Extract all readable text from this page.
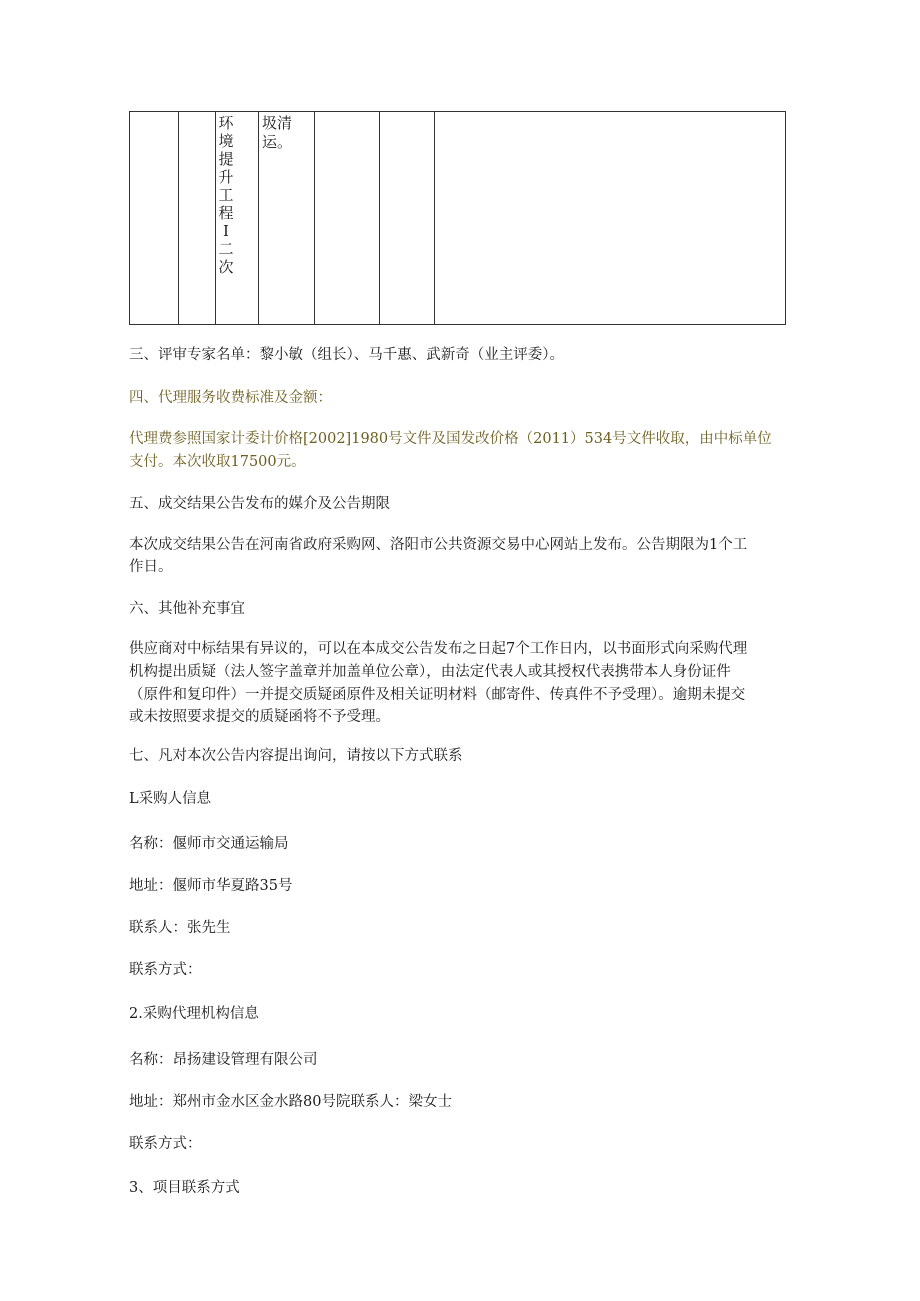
环境提升工程I二次
圾清
运。
三、评审专家名单：黎小敏（组长）、马千惠、武新奇（业主评委）。
四、代理服务收费标准及金额：
代理费参照国家计委计价格[2002]1980号文件及国发改价格（2011）534号文件收取，由中标单位
支付。本次收取17500元。
五、成交结果公告发布的媒介及公告期限
本次成交结果公告在河南省政府采购网、洛阳市公共资源交易中心网站上发布。公告期限为1个工
作日。
六、其他补充事宜
供应商对中标结果有异议的，可以在本成交公告发布之日起7个工作日内，以书面形式向采购代理
机构提出质疑（法人签字盖章并加盖单位公章），由法定代表人或其授权代表携带本人身份证件
（原件和复印件）一并提交质疑函原件及相关证明材料（邮寄件、传真件不予受理）。逾期未提交
或未按照要求提交的质疑函将不予受理。
七、凡对本次公告内容提出询问，请按以下方式联系
L采购人信息
名称：偃师市交通运输局
地址：偃师市华夏路35号
联系人：张先生
联系方式：
2.采购代理机构信息
名称：昂扬建设管理有限公司
地址：郑州市金水区金水路80号院联系人：梁女士
联系方式：
3、项目联系方式
